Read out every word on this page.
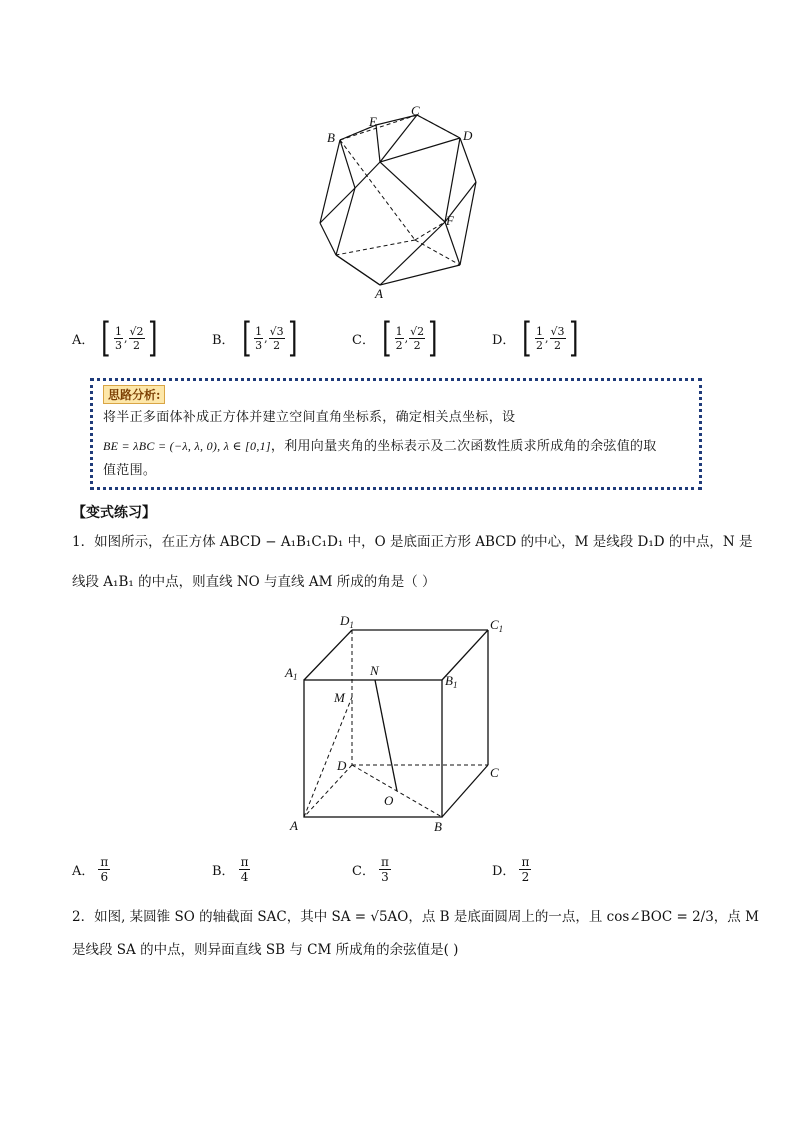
B
E
C
D
F
A
A． [ $\frac{1}{3}$ , $\frac{√2}{2}$ ]	B． [ $\frac{1}{3}$ , $\frac{√3}{2}$ ]	C． [ $\frac{1}{2}$ , $\frac{√2}{2}$ ]	D． [ $\frac{1}{2}$ , $\frac{√3}{2}$ ]
思路分析:
将半正多面体补成正方体并建立空间直角坐标系，确定相关点坐标，设
BE = λBC = (−λ, λ, 0), λ ∈ [0,1]，利用向量夹角的坐标表示及二次函数性质求所成角的余弦值的取
值范围。
【变式练习】
1．如图所示，在正方体 ABCD − A₁B₁C₁D₁ 中，O 是底面正方形 ABCD 的中心，M 是线段 D₁D 的中点，N 是
线段 A₁B₁ 的中点，则直线 NO 与直线 AM 所成的角是（ ）
$D_1$	$C_1$
$A_1$	$B_1$
N
M
D	C
O
A	B
A． $\frac{\pi}{6}$	B． $\frac{\pi}{4}$	C． $\frac{\pi}{3}$	D． $\frac{\pi}{2}$
2．如图, 某圆锥 SO 的轴截面 SAC，其中 SA = √5AO，点 B 是底面圆周上的一点，且 cos∠BOC = 2/3，点 M
是线段 SA 的中点，则异面直线 SB 与 CM 所成角的余弦值是( )
